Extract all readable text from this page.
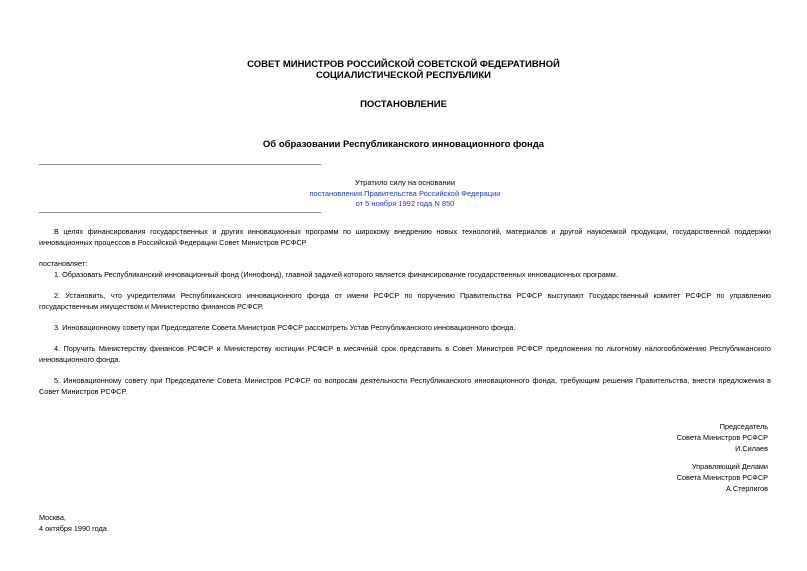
СОВЕТ МИНИСТРОВ РОССИЙСКОЙ СОВЕТСКОЙ ФЕДЕРАТИВНОЙ
СОЦИАЛИСТИЧЕСКОЙ РЕСПУБЛИКИ
ПОСТАНОВЛЕНИЕ
Об образовании Республиканского инновационного фонда
Утратило силу на основании
постановления Правительства Российской Федерации
от 5 ноября 1992 года N 850

В целях финансирования государственных и других инновационных программ по широкому внедрению новых технологий, материалов и другой наукоемкой продукции, государственной поддержки инновационных процессов в Российской Федерации Совет Министров РСФСР

постановляет:

1. Образовать Республиканский инновационный фонд (Иннофонд), главной задачей которого является финансирование государственных инновационных программ.

2. Установить, что учредителями Республиканского инновационного фонда от имени РСФСР по поручению Правительства РСФСР выступают Государственный комитет РСФСР по управлению государственным имуществом и Министерство финансов РСФСР.

3. Инновационному совету при Председателе Совета Министров РСФСР рассмотреть Устав Республиканского инновационного фонда.

4. Поручить Министерству финансов РСФСР и Министерству юстиции РСФСР в месячный срок представить в Совет Министров РСФСР предложения по льготному налогообложению Республиканского инновационного фонда.

5. Инновационному совету при Председателе Совета Министров РСФСР по вопросам деятельности Республиканского инновационного фонда, требующим решения Правительства, внести предложения в Совет Министров РСФСР.

Председатель
Совета Министров РСФСР
И.Силаев
Управляющий Делами
Совета Министров РСФСР
А.Стерлигов
Москва,
4 октября 1990 года
